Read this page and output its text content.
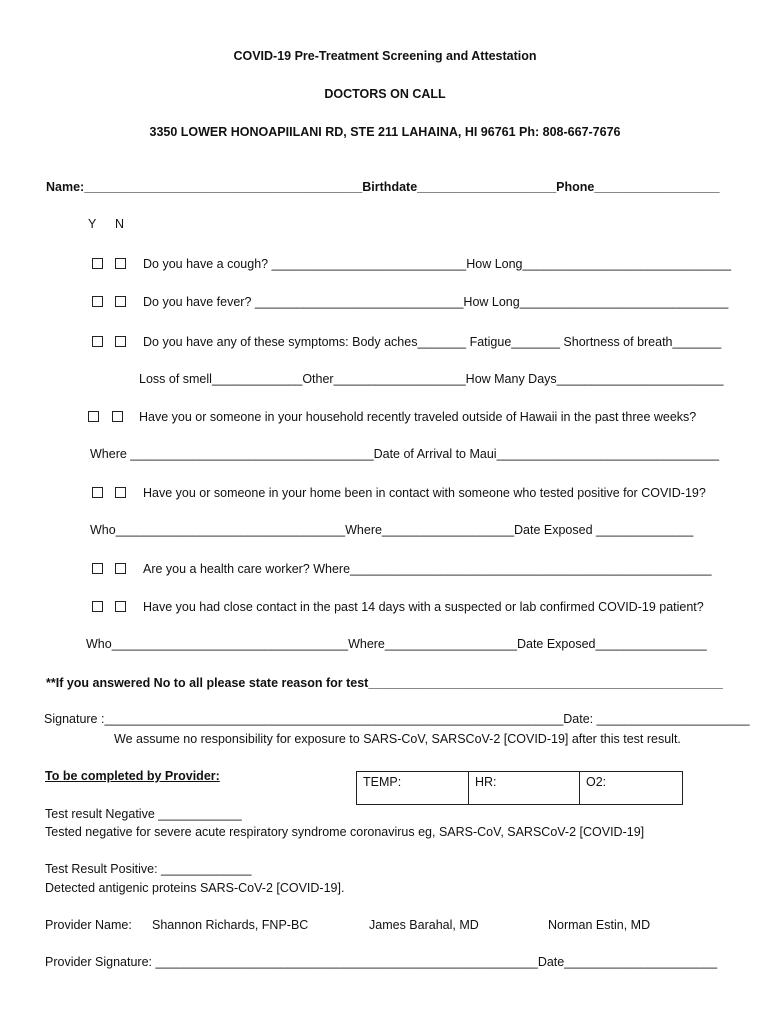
COVID-19 Pre-Treatment Screening and Attestation
DOCTORS ON CALL
3350 LOWER HONOAPIILANI RD, STE 211 LAHAINA, HI 96761 Ph: 808-667-7676
Name:________________________________________Birthdate____________________Phone__________________
Y N
Do you have a cough? ____________________________How Long______________________________
Do you have fever? ______________________________How Long______________________________
Do you have any of these symptoms: Body aches_______ Fatigue_______ Shortness of breath_______
Loss of smell_____________Other___________________How Many Days________________________
Have you or someone in your household recently traveled outside of Hawaii in the past three weeks?
Where ___________________________________Date of Arrival to Maui________________________________
Have you or someone in your home been in contact with someone who tested positive for COVID-19?
Who_________________________________Where___________________Date Exposed ______________
Are you a health care worker? Where____________________________________________________
Have you had close contact in the past 14 days with a suspected or lab confirmed COVID-19 patient?
Who__________________________________Where___________________Date Exposed________________
**If you answered No to all please state reason for test___________________________________________________
Signature :__________________________________________________________________Date: ______________________
We assume no responsibility for exposure to SARS-CoV, SARSCoV-2 [COVID-19] after this test result.
To be completed by Provider:	TEMP:	HR:	O2:
Test result Negative ____________
Tested negative for severe acute respiratory syndrome coronavirus eg, SARS-CoV, SARSCoV-2 [COVID-19]
Test Result Positive: _____________
Detected antigenic proteins SARS-CoV-2 [COVID-19].
Provider Name: Shannon Richards, FNP-BC	James Barahal, MD	Norman Estin, MD
Provider Signature: _______________________________________________________Date______________________
